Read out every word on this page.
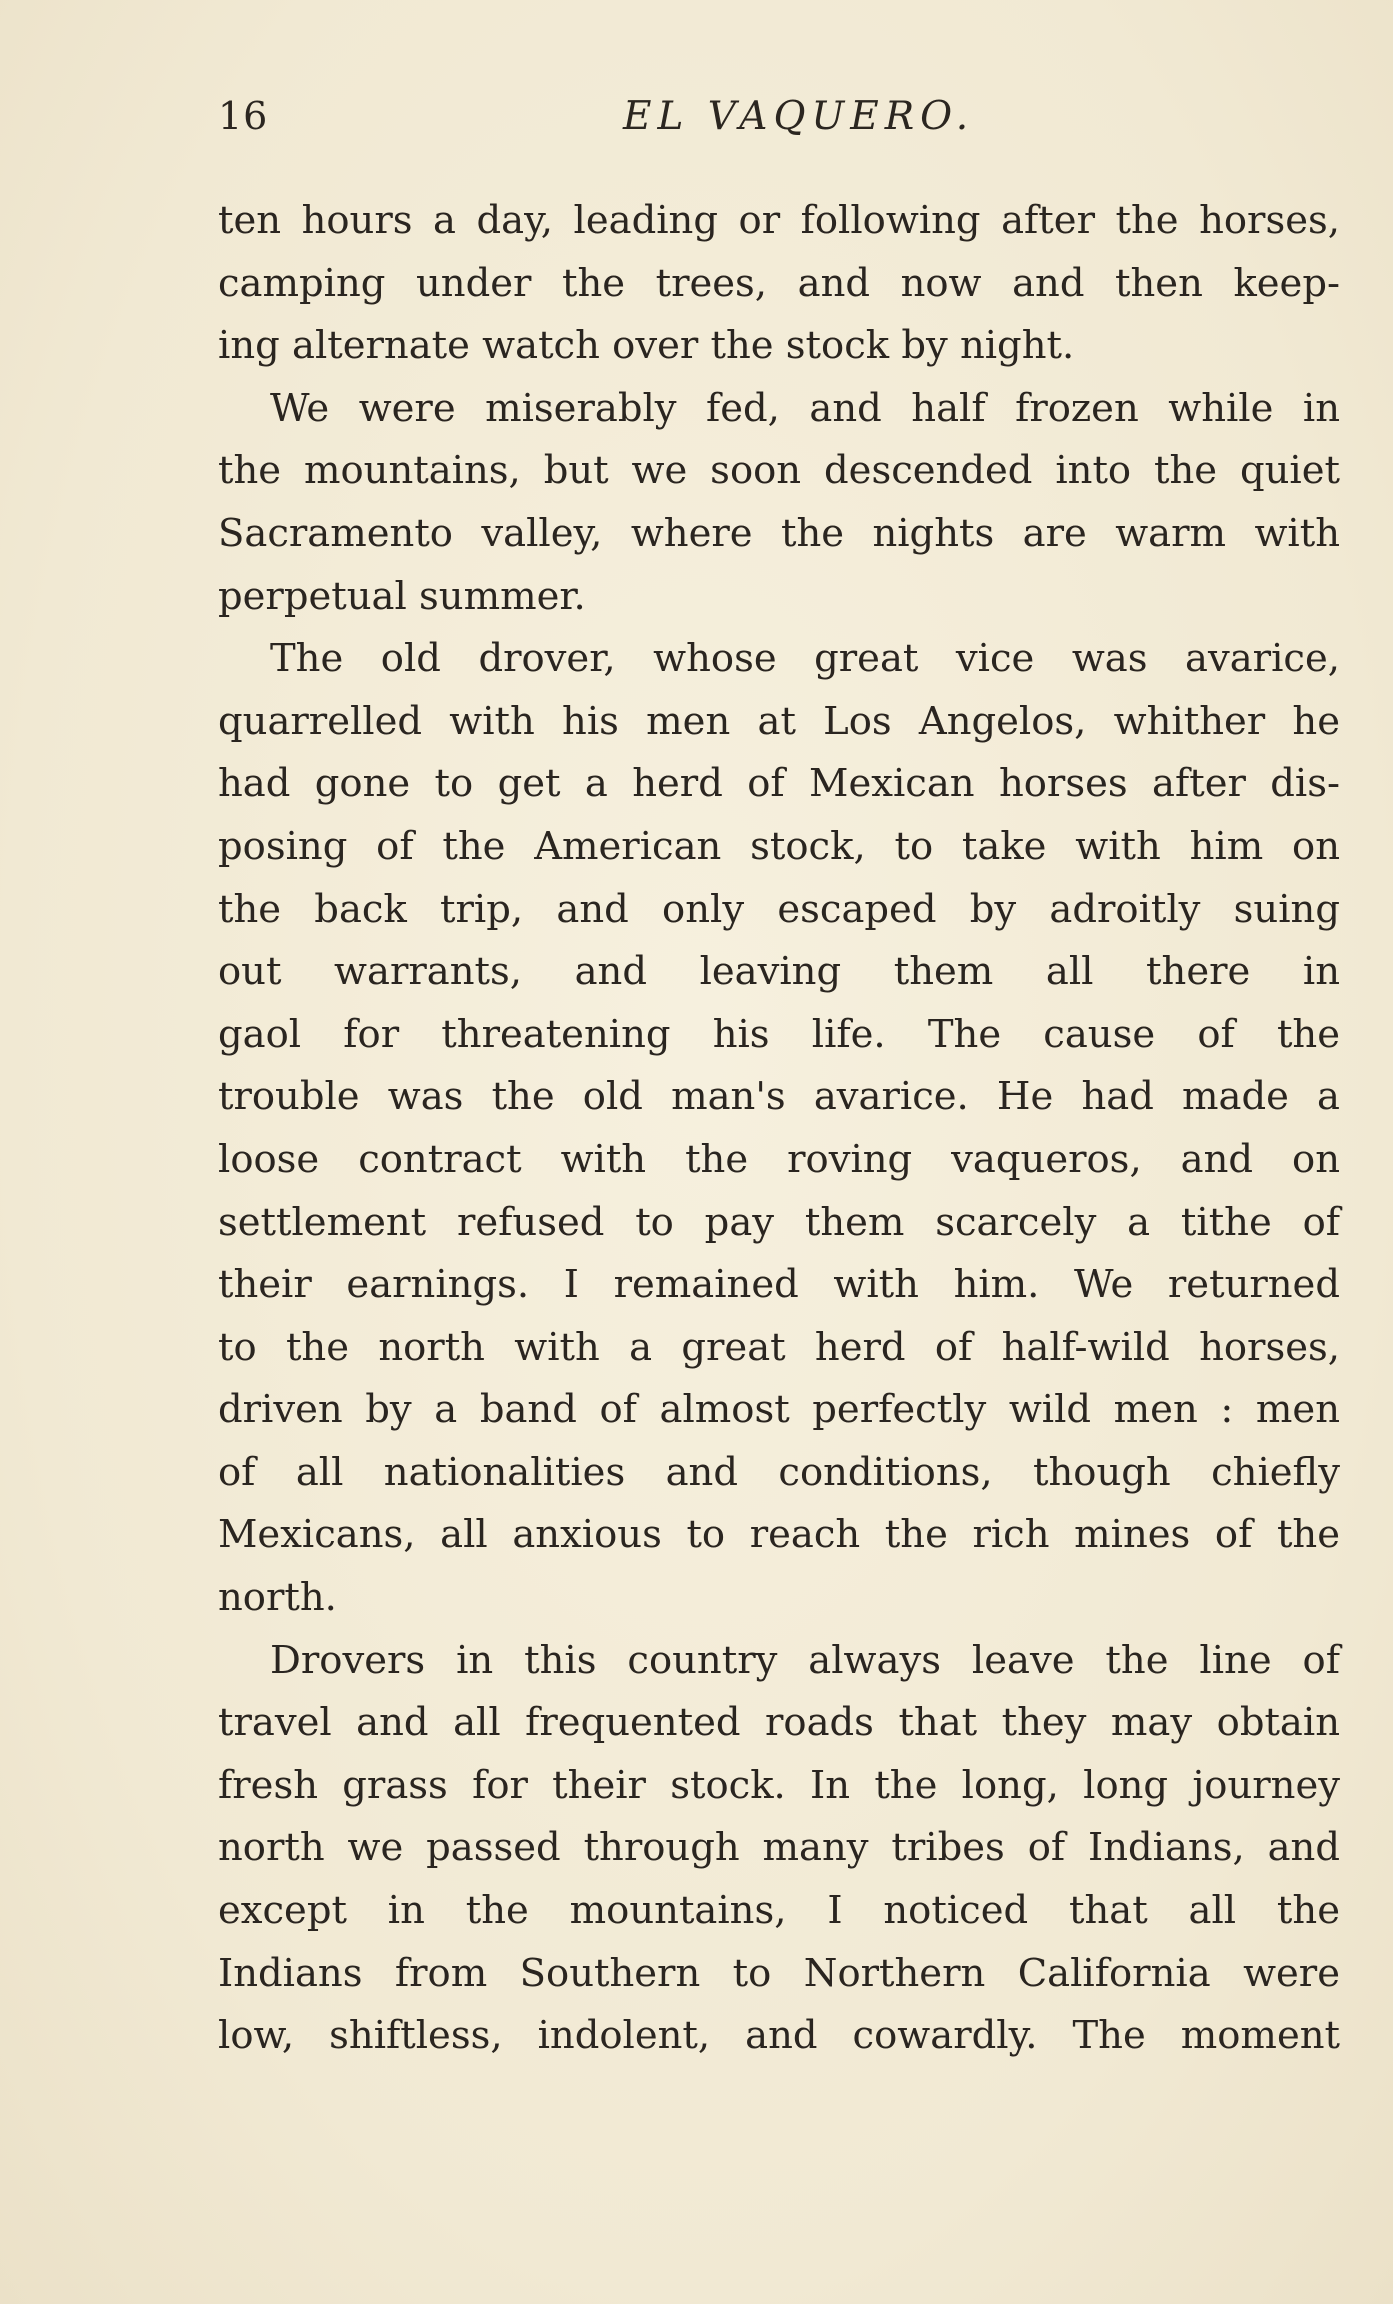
16	EL VAQUERO.
ten hours a day, leading or following after the horses,
camping under the trees, and now and then keep-
ing alternate watch over the stock by night.
We were miserably fed, and half frozen while in
the mountains, but we soon descended into the quiet
Sacramento valley, where the nights are warm with
perpetual summer.
The old drover, whose great vice was avarice,
quarrelled with his men at Los Angelos, whither he
had gone to get a herd of Mexican horses after dis-
posing of the American stock, to take with him on
the back trip, and only escaped by adroitly suing
out warrants, and leaving them all there in
gaol for threatening his life. The cause of the
trouble was the old man's avarice. He had made a
loose contract with the roving vaqueros, and on
settlement refused to pay them scarcely a tithe of
their earnings. I remained with him. We returned
to the north with a great herd of half-wild horses,
driven by a band of almost perfectly wild men : men
of all nationalities and conditions, though chiefly
Mexicans, all anxious to reach the rich mines of the
north.
Drovers in this country always leave the line of
travel and all frequented roads that they may obtain
fresh grass for their stock. In the long, long journey
north we passed through many tribes of Indians, and
except in the mountains, I noticed that all the
Indians from Southern to Northern California were
low, shiftless, indolent, and cowardly. The moment
